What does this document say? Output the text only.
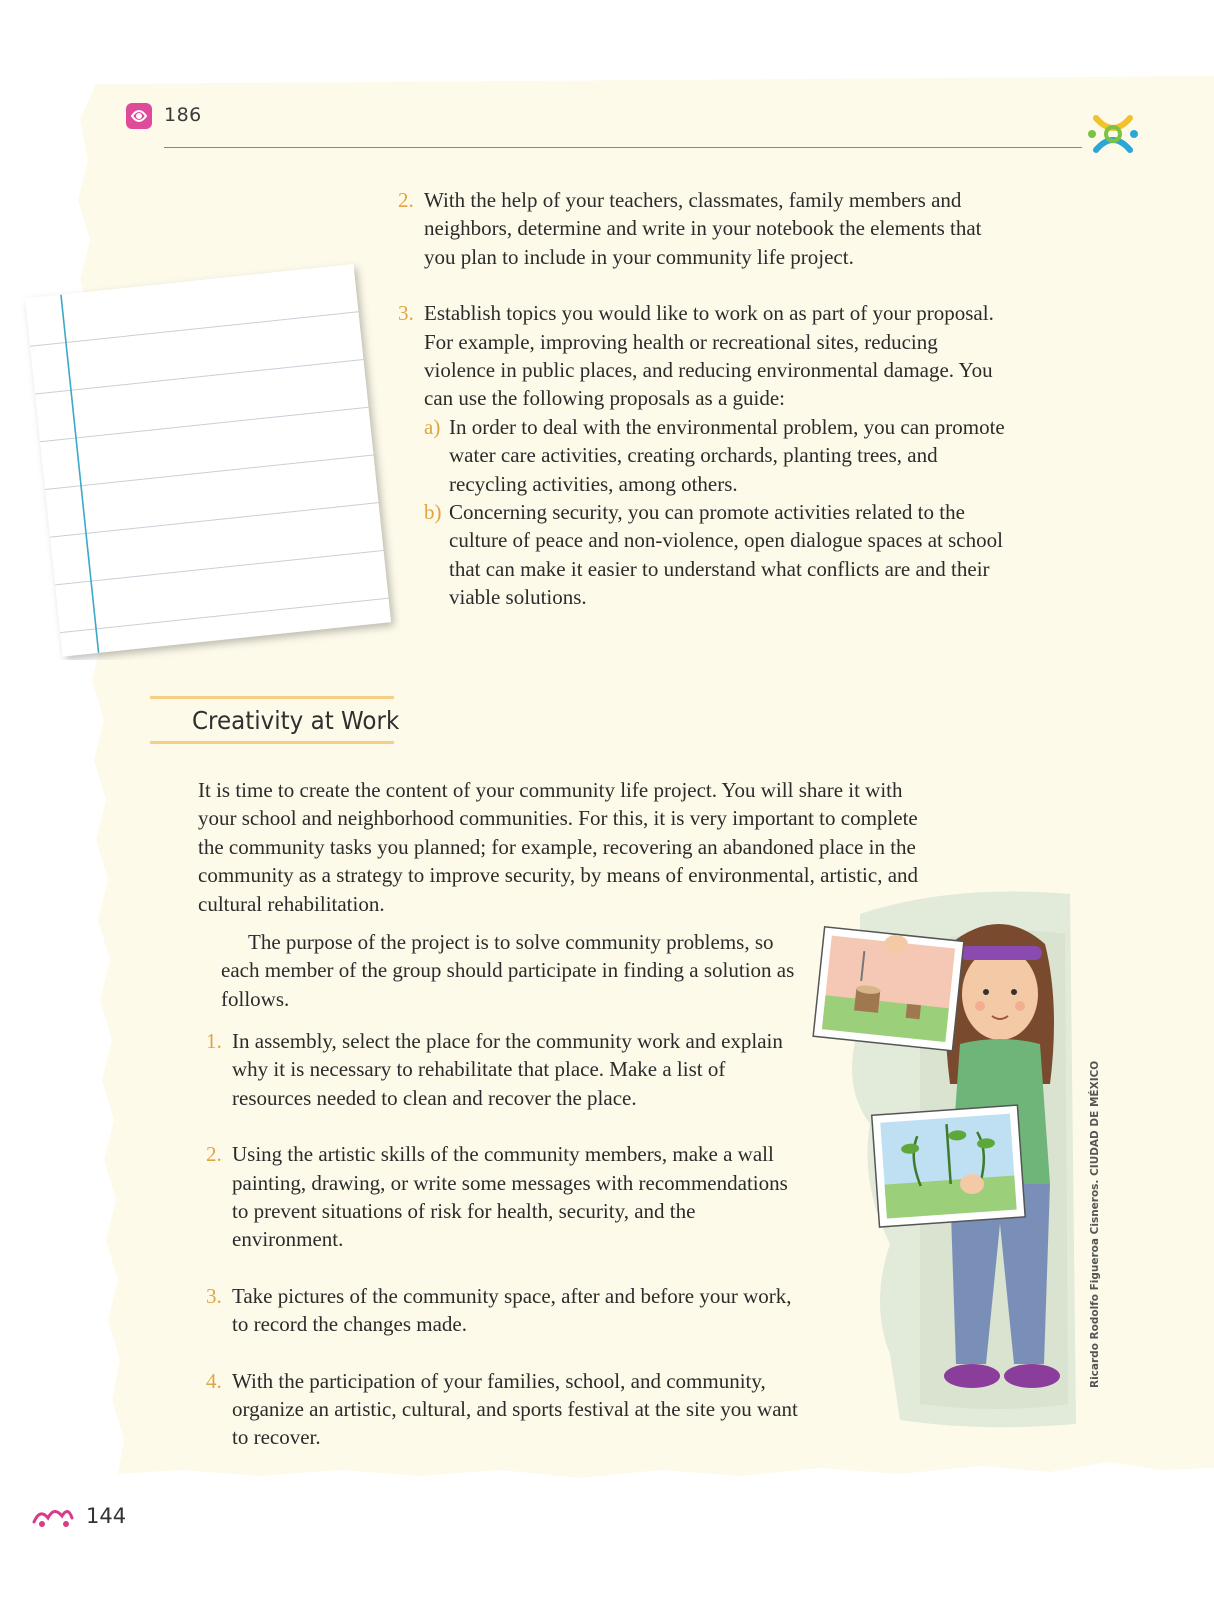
186
2. With the help of your teachers, classmates, family members and neighbors, determine and write in your notebook the elements that you plan to include in your community life project.
3. Establish topics you would like to work on as part of your proposal. For example, improving health or recreational sites, reducing violence in public places, and reducing environmental damage. You can use the following proposals as a guide:
a) In order to deal with the environmental problem, you can promote water care activities, creating orchards, planting trees, and recycling activities, among others.
b) Concerning security, you can promote activities related to the culture of peace and non-violence, open dialogue spaces at school that can make it easier to understand what conflicts are and their viable solutions.
Creativity at Work

It is time to create the content of your community life project. You will share it with your school and neighborhood communities. For this, it is very important to complete the community tasks you planned; for example, recovering an abandoned place in the community as a strategy to improve security, by means of environmental, artistic, and cultural rehabilitation.

The purpose of the project is to solve community problems, so each member of the group should participate in finding a solution as follows.

1. In assembly, select the place for the community work and explain why it is necessary to rehabilitate that place. Make a list of resources needed to clean and recover the place.
2. Using the artistic skills of the community members, make a wall painting, drawing, or write some messages with recommendations to prevent situations of risk for health, security, and the environment.
3. Take pictures of the community space, after and before your work, to record the changes made.
4. With the participation of your families, school, and community, organize an artistic, cultural, and sports festival at the site you want to recover.
Ricardo Rodolfo Figueroa Cisneros. CIUDAD DE MÉXICO
144
